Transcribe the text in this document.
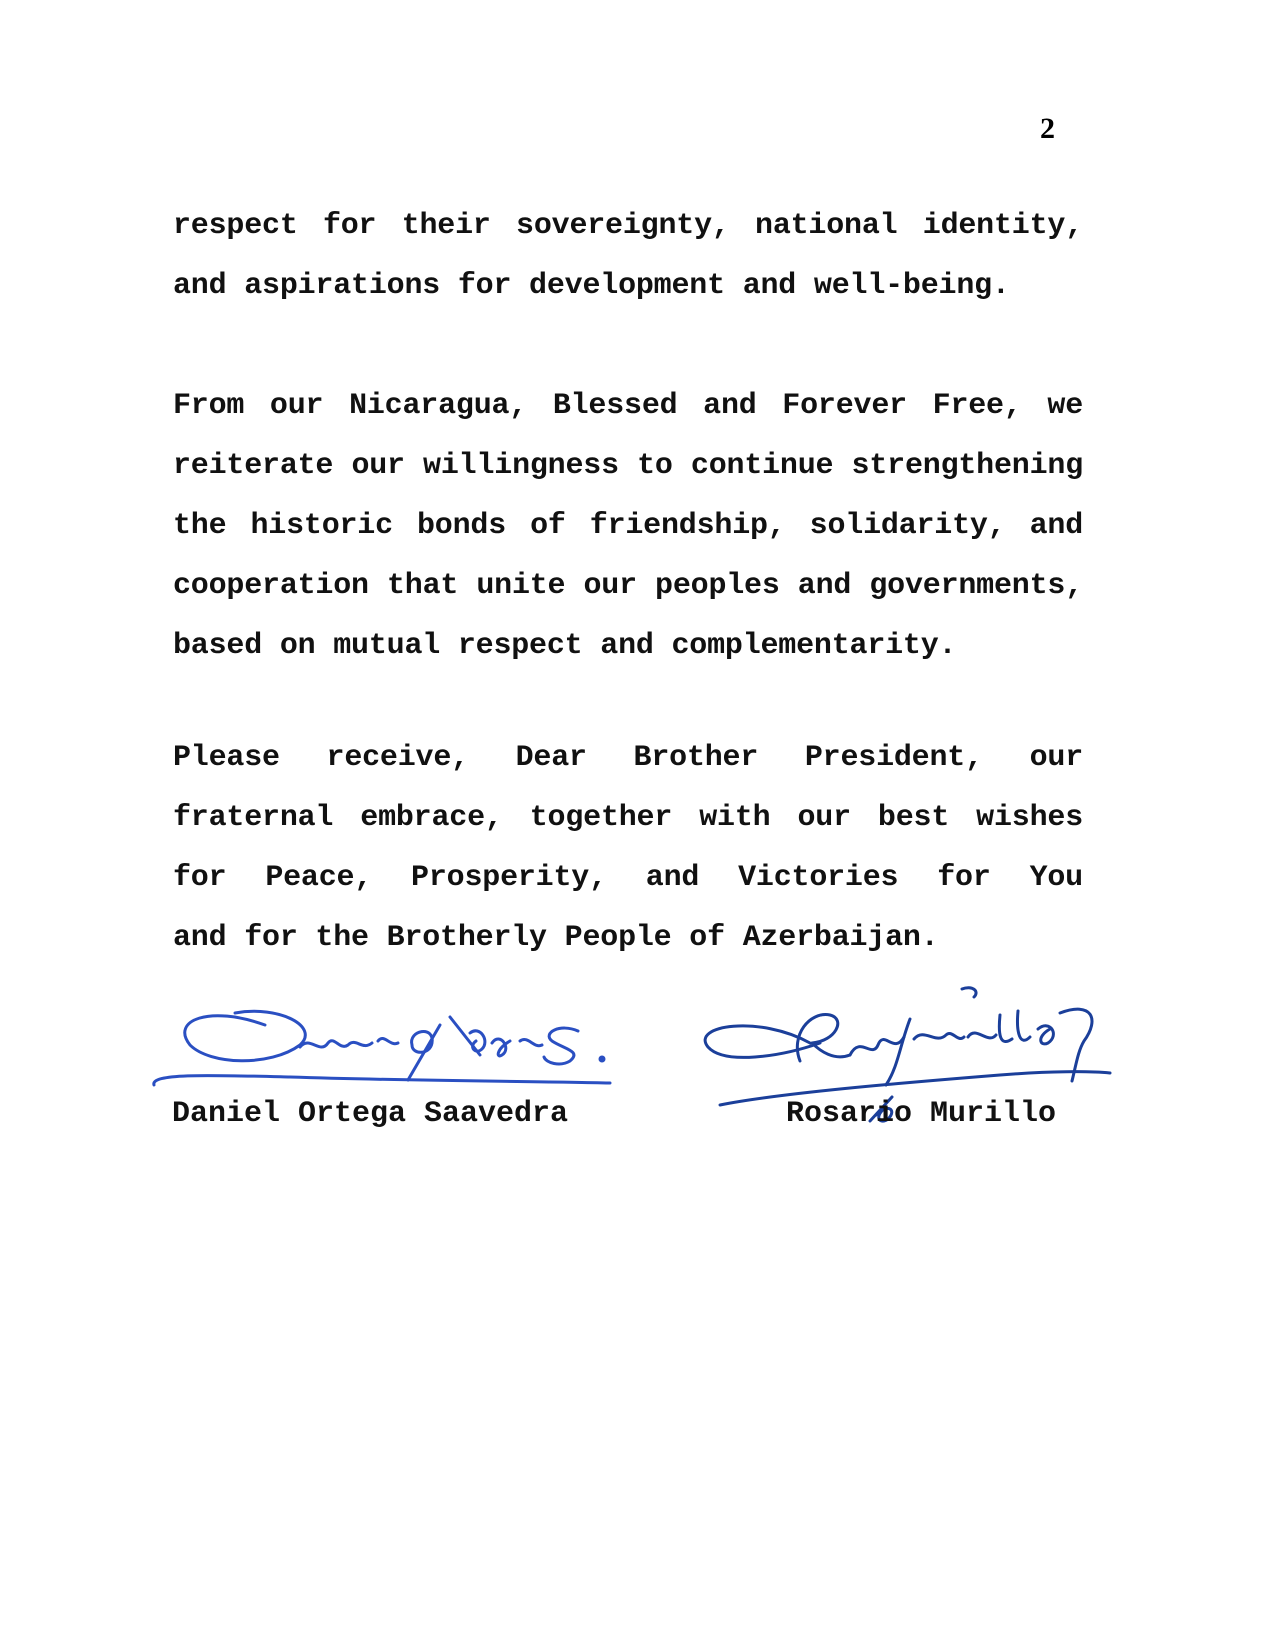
2
respect for their sovereignty, national identity,
and aspirations for development and well-being.
From our Nicaragua, Blessed and Forever Free, we
reiterate our willingness to continue strengthening
the historic bonds of friendship, solidarity, and
cooperation that unite our peoples and governments,
based on mutual respect and complementarity.
Please receive, Dear Brother President, our
fraternal embrace, together with our best wishes
for Peace, Prosperity, and Victories for You
and for the Brotherly People of Azerbaijan.
Daniel Ortega Saavedra	Rosario Murillo
